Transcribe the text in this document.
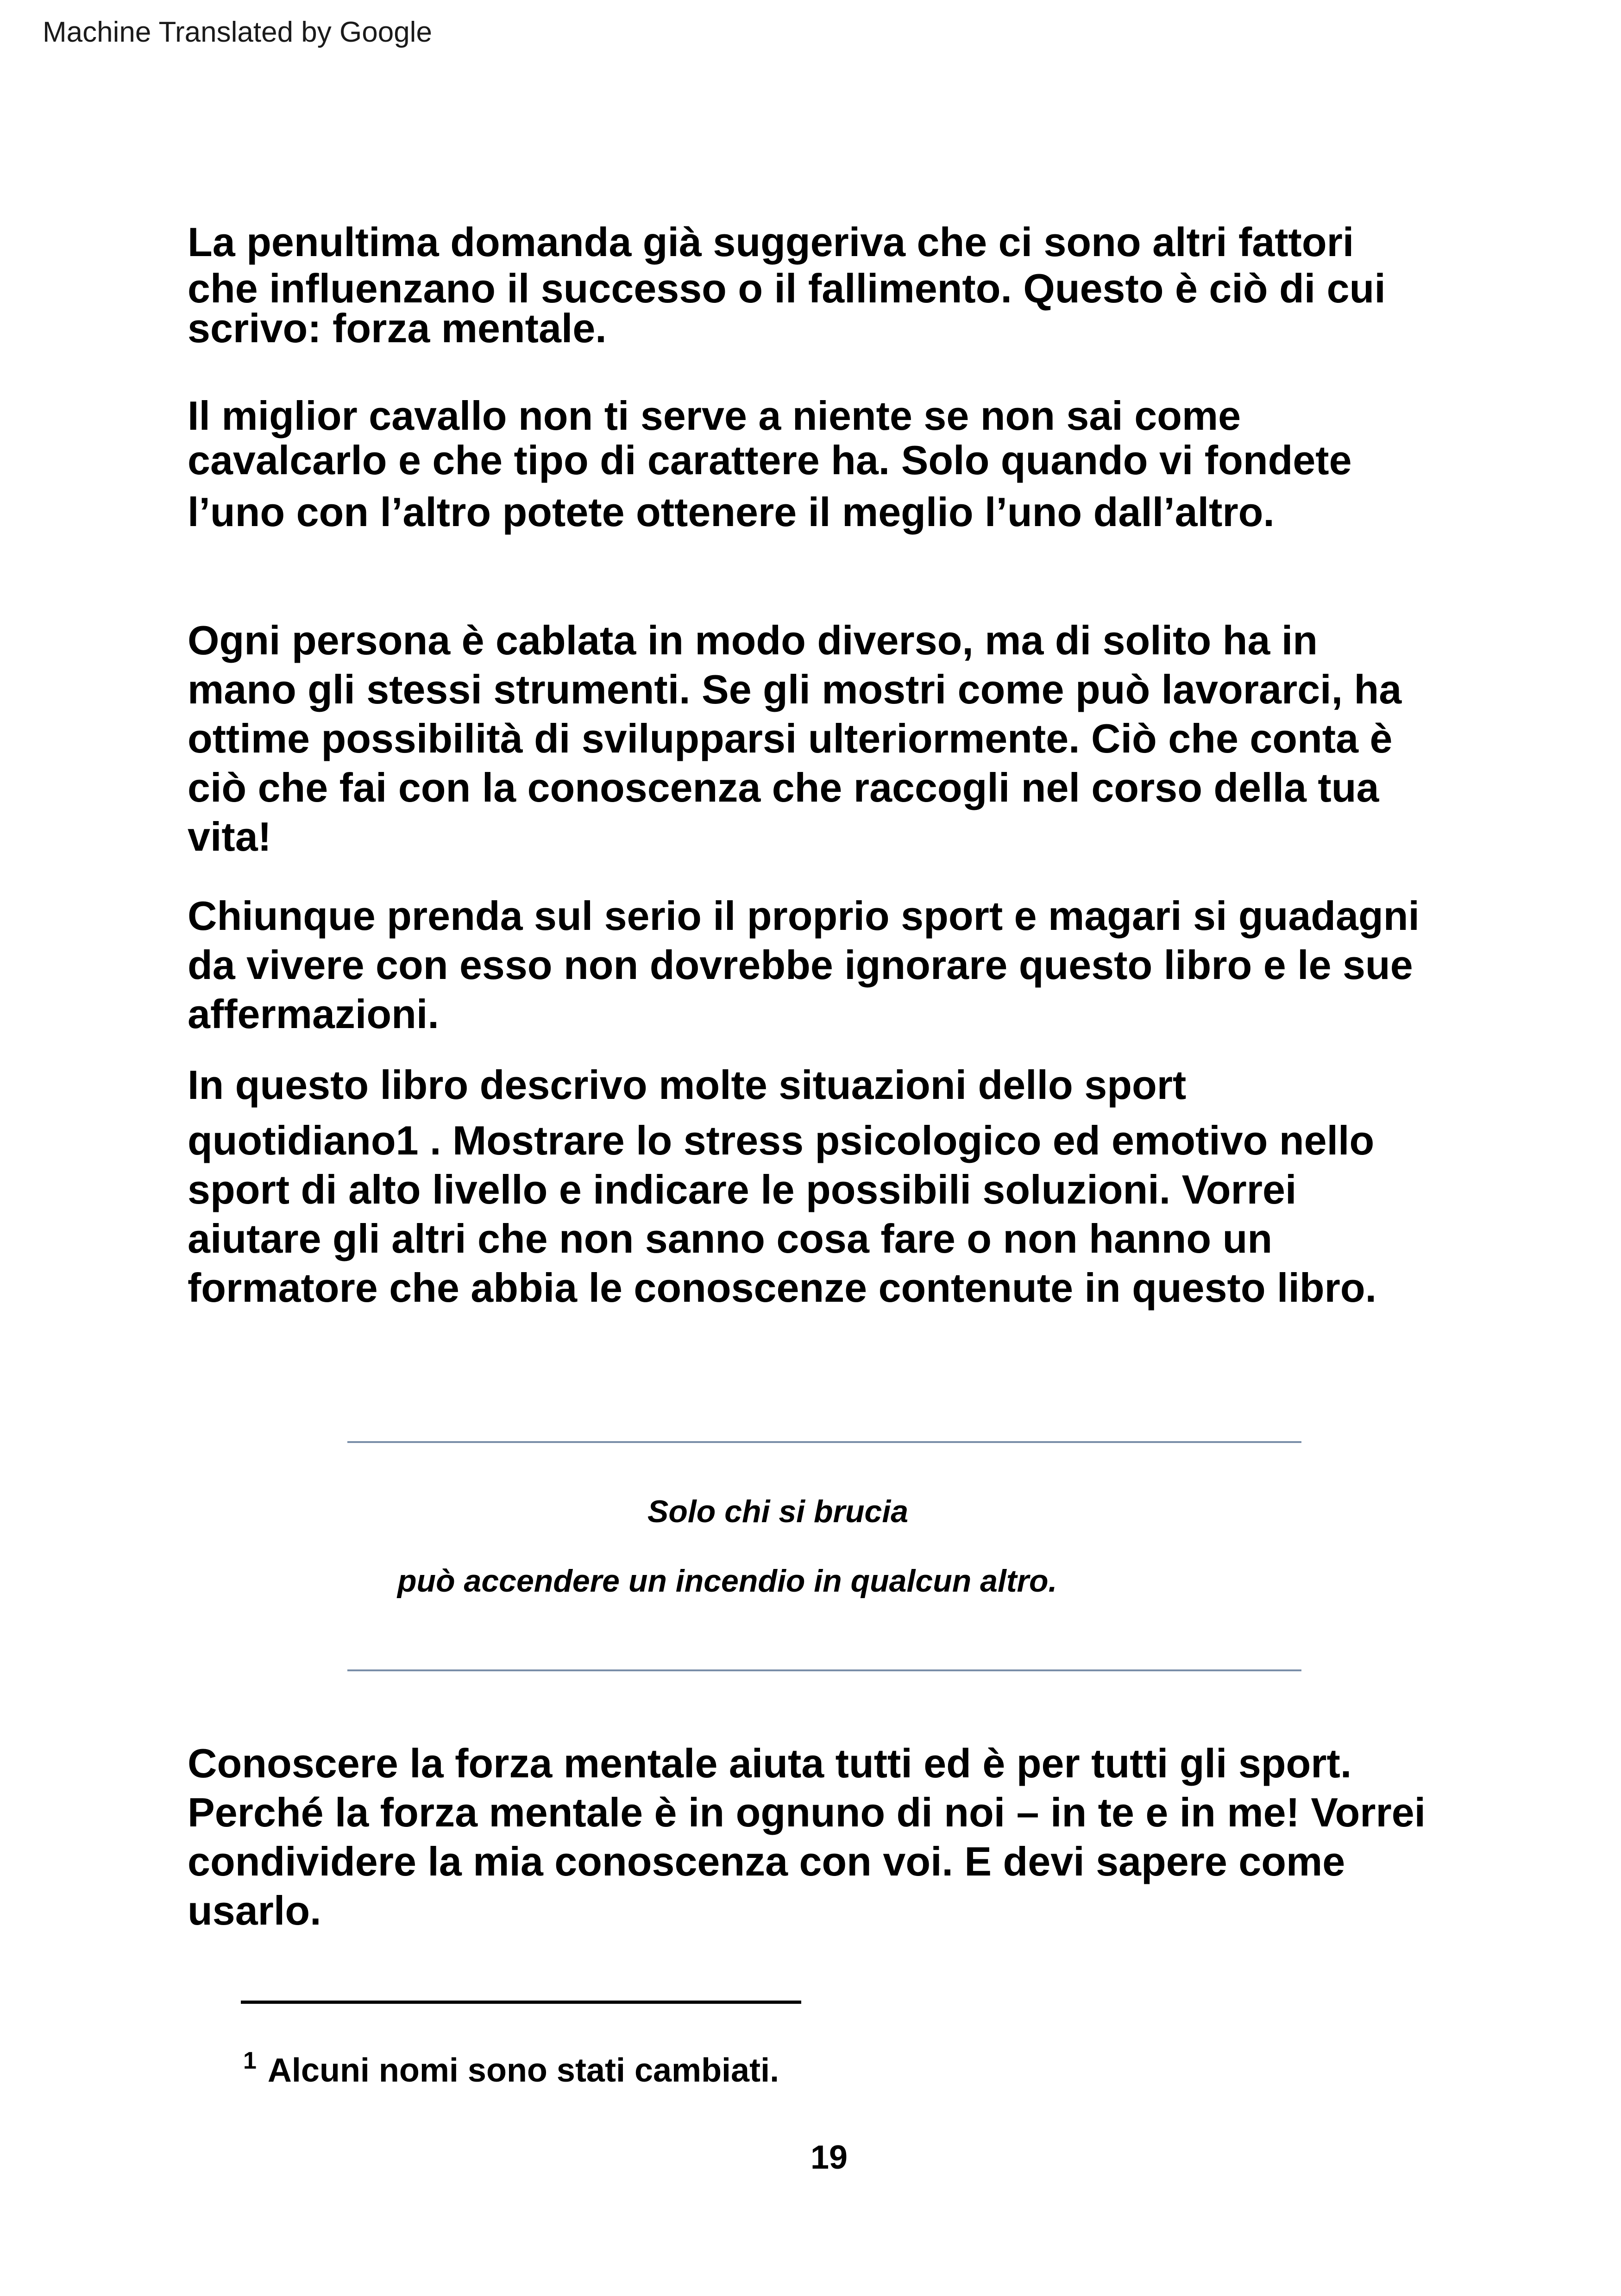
Machine Translated by Google
La penultima domanda già suggeriva che ci sono altri fattori
che influenzano il successo o il fallimento. Questo è ciò di cui
scrivo: forza mentale.
Il miglior cavallo non ti serve a niente se non sai come
cavalcarlo e che tipo di carattere ha. Solo quando vi fondete
l’uno con l’altro potete ottenere il meglio l’uno dall’altro.
Ogni persona è cablata in modo diverso, ma di solito ha in
mano gli stessi strumenti. Se gli mostri come può lavorarci, ha
ottime possibilità di svilupparsi ulteriormente. Ciò che conta è
ciò che fai con la conoscenza che raccogli nel corso della tua
vita!
Chiunque prenda sul serio il proprio sport e magari si guadagni
da vivere con esso non dovrebbe ignorare questo libro e le sue
affermazioni.
In questo libro descrivo molte situazioni dello sport
quotidiano1 . Mostrare lo stress psicologico ed emotivo nello
sport di alto livello e indicare le possibili soluzioni. Vorrei
aiutare gli altri che non sanno cosa fare o non hanno un
formatore che abbia le conoscenze contenute in questo libro.
Solo chi si brucia
può accendere un incendio in qualcun altro.
Conoscere la forza mentale aiuta tutti ed è per tutti gli sport.
Perché la forza mentale è in ognuno di noi – in te e in me! Vorrei
condividere la mia conoscenza con voi. E devi sapere come
usarlo.
$^1$ Alcuni nomi sono stati cambiati.
19
